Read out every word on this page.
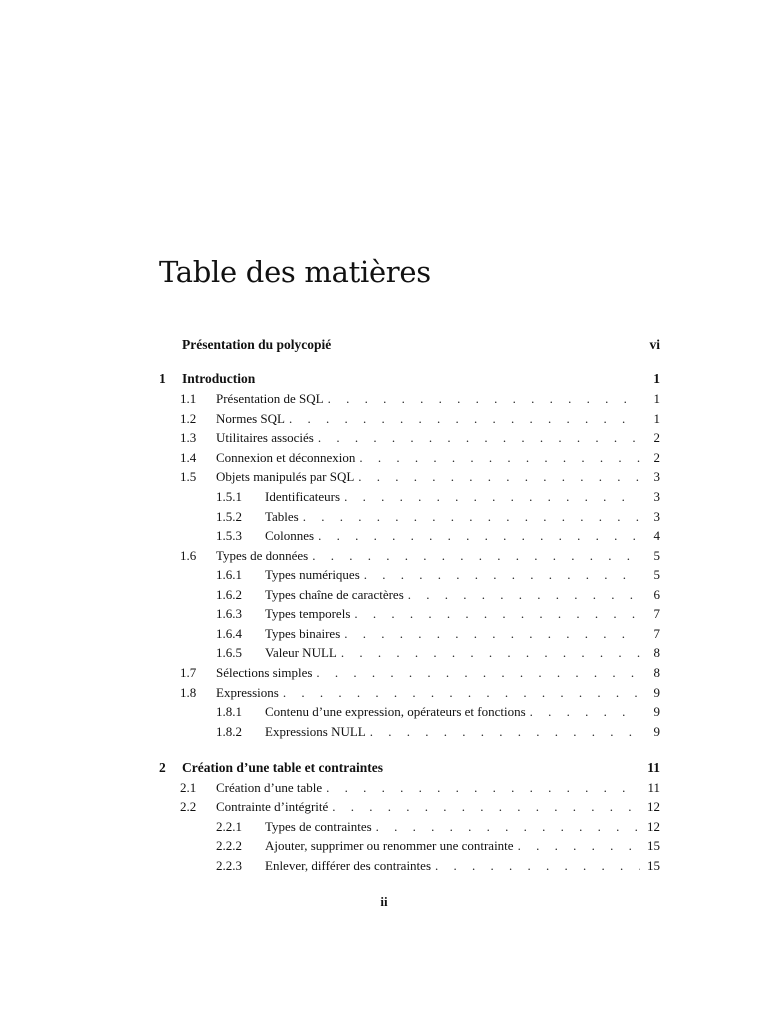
Table des matières
Présentation du polycopié	vi
1	Introduction	1
1.1	Présentation de SQL . . .	1
1.2	Normes SQL . . .	1
1.3	Utilitaires associés . . .	2
1.4	Connexion et déconnexion . . .	2
1.5	Objets manipulés par SQL . . .	3
1.5.1	Identificateurs . . .	3
1.5.2	Tables . . .	3
1.5.3	Colonnes . . .	4
1.6	Types de données . . .	5
1.6.1	Types numériques . . .	5
1.6.2	Types chaîne de caractères . . .	6
1.6.3	Types temporels . . .	7
1.6.4	Types binaires . . .	7
1.6.5	Valeur NULL . . .	8
1.7	Sélections simples . . .	8
1.8	Expressions . . .	9
1.8.1	Contenu d’une expression, opérateurs et fonctions . . .	9
1.8.2	Expressions NULL . . .	9
2	Création d’une table et contraintes	11
2.1	Création d’une table . . .	11
2.2	Contrainte d’intégrité . . .	12
2.2.1	Types de contraintes . . .	12
2.2.2	Ajouter, supprimer ou renommer une contrainte . . .	15
2.2.3	Enlever, différer des contraintes . . .	15
ii
